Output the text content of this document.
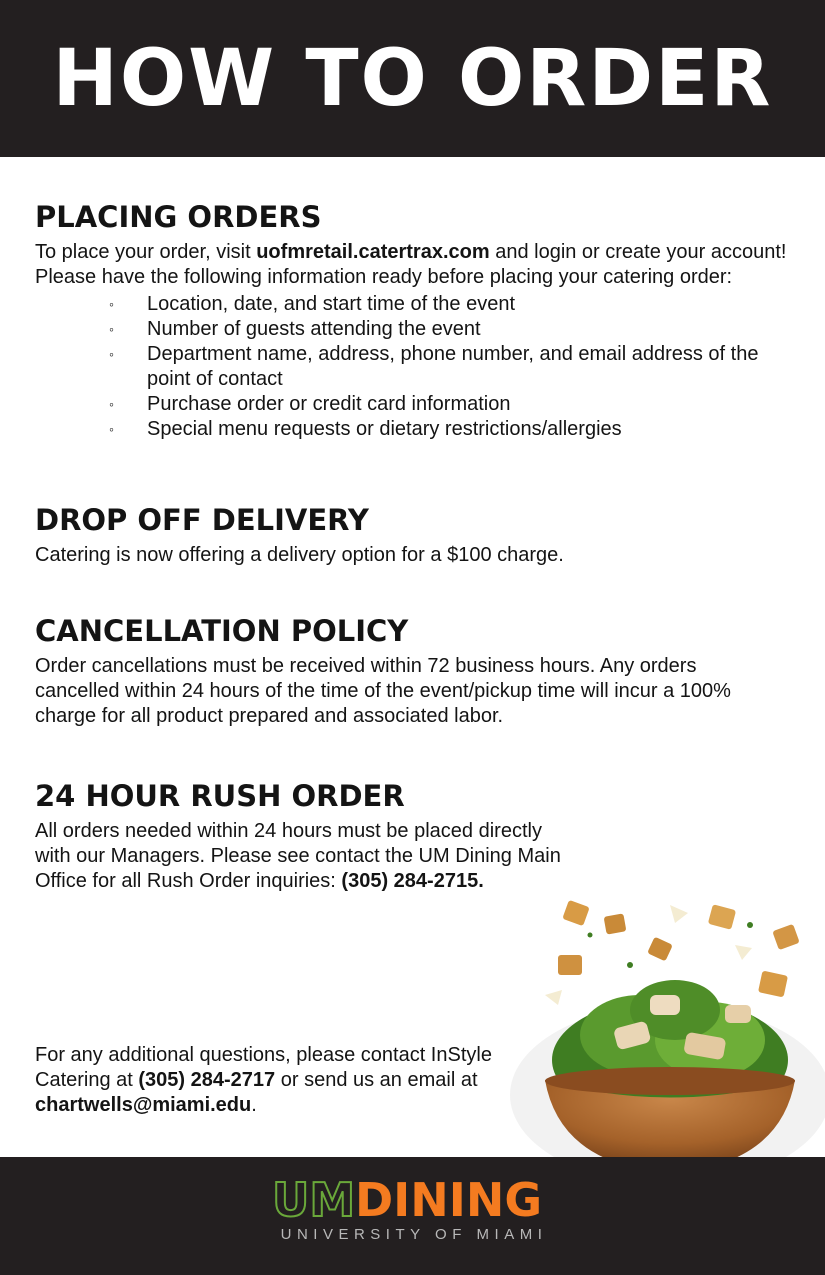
HOW TO ORDER
PLACING ORDERS

To place your order, visit uofmretail.catertrax.com and login or create your account! Please have the following information ready before placing your catering order:

◦ Location, date, and start time of the event
◦ Number of guests attending the event
◦ Department name, address, phone number, and email address of the point of contact
◦ Purchase order or credit card information
◦ Special menu requests or dietary restrictions/allergies
DROP OFF DELIVERY

Catering is now offering a delivery option for a $100 charge.

CANCELLATION POLICY

Order cancellations must be received within 72 business hours. Any orders cancelled within 24 hours of the time of the event/pickup time will incur a 100% charge for all product prepared and associated labor.

24 HOUR RUSH ORDER

All orders needed within 24 hours must be placed directly with our Managers. Please see contact the UM Dining Main Office for all Rush Order inquiries: (305) 284-2715.

For any additional questions, please contact InStyle Catering at (305) 284-2717 or send us an email at chartwells@miami.edu.

UM DINING
UNIVERSITY OF MIAMI
